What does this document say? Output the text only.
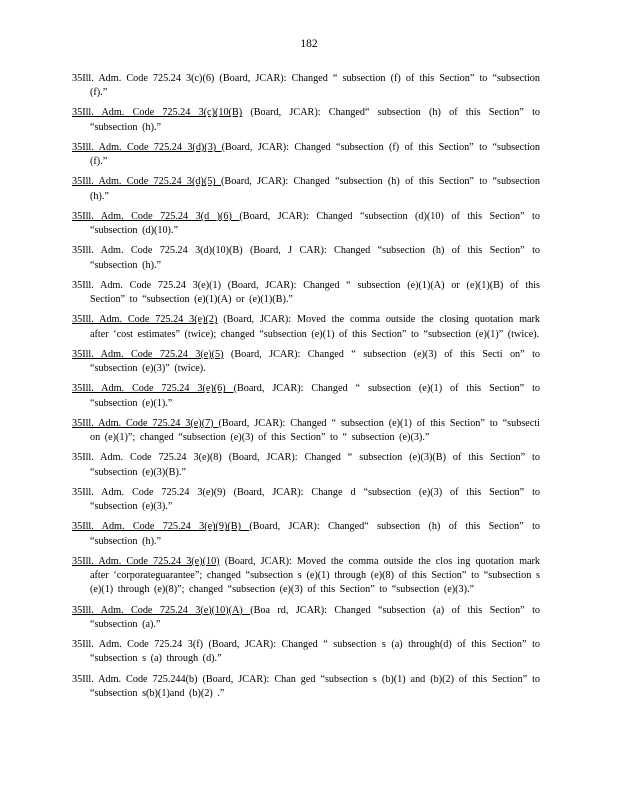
182

35Ill. Adm. Code 725.24 3(c)(6) (Board, JCAR): Changed “ subsection (f) of this Section” to “subsection (f).”

35Ill. Adm. Code 725.24 3(c)(10(B) (Board, JCAR): Changed“ subsection (h) of this Section” to “subsection (h).”

35Ill. Adm. Code 725.24 3(d)(3) (Board, JCAR): Changed “subsection (f) of this Section” to “subsection (f).”

35Ill. Adm. Code 725.24 3(d)(5) (Board, JCAR): Changed “subsection (h) of this Section” to “subsection (h).”

35Ill. Adm. Code 725.24 3(d )(6) (Board, JCAR): Changed “subsection (d)(10) of this Section” to “subsection (d)(10).”

35Ill. Adm. Code 725.24 3(d)(10)(B) (Board, J CAR): Changed “subsection (h) of this Section” to “subsection (h).”

35Ill. Adm. Code 725.24 3(e)(1) (Board, JCAR): Changed “ subsection (e)(1)(A) or (e)(1)(B) of this Section” to “subsection (e)(1)(A) or (e)(1)(B).”

35Ill. Adm. Code 725.24 3(e)(2) (Board, JCAR): Moved the comma outside the closing quotation mark after ‘cost estimates” (twice); changed “subsection (e)(1) of this Section” to “subsection (e)(1)” (twice).

35Ill. Adm. Code 725.24 3(e)(5) (Board, JCAR): Changed “ subsection (e)(3) of this Secti on” to “subsection (e)(3)” (twice).

35Ill. Adm. Code 725.24 3(e)(6) (Board, JCAR): Changed “ subsection (e)(1) of this Section” to “subsection (e)(1).”

35Ill. Adm. Code 725.24 3(e)(7) (Board, JCAR): Changed “ subsection (e)(1) of this Section” to “subsecti on (e)(1)”; changed “subsection (e)(3) of this Section” to “ subsection (e)(3).”

35Ill. Adm. Code 725.24 3(e)(8) (Board, JCAR): Changed “ subsection (e)(3)(B) of this Section” to “subsection (e)(3)(B).”

35Ill. Adm. Code 725.24 3(e)(9) (Board, JCAR): Change d “subsection (e)(3) of this Section” to “subsection (e)(3).”

35Ill. Adm. Code 725.24 3(e)(9)(B) (Board, JCAR): Changed“ subsection (h) of this Section” to “subsection (h).”

35Ill. Adm. Code 725.24 3(e)(10) (Board, JCAR): Moved the comma outside the clos ing quotation mark after ‘corporateguarantee”; changed “subsection s (e)(1) through (e)(8) of this Section” to “subsection s (e)(1) through (e)(8)”; changed “subsection (e)(3) of this Section” to “subsection (e)(3).”

35Ill. Adm. Code 725.24 3(e)(10)(A) (Boa rd, JCAR): Changed “subsection (a) of this Section” to “subsection (a).”

35Ill. Adm. Code 725.24 3(f) (Board, JCAR): Changed “ subsection s (a) through(d) of this Section” to “subsection s (a) through (d).”

35Ill. Adm. Code 725.244(b) (Board, JCAR): Chan ged “subsection s (b)(1) and (b)(2) of this Section” to “subsection s(b)(1)and (b)(2) .”
